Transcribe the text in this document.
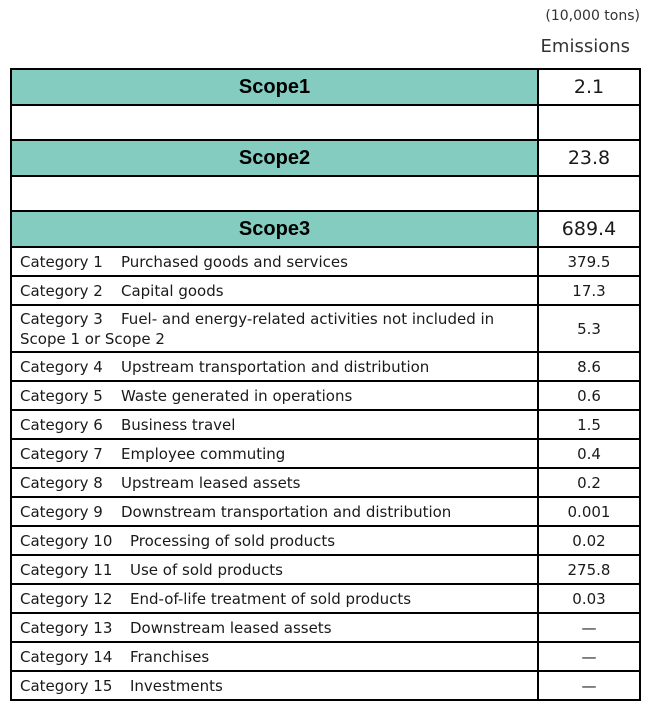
(10,000 tons)
Emissions
Scope1	2.1

Scope2	23.8

Scope3	689.4
Category 1 Purchased goods and services	379.5
Category 2 Capital goods	17.3
Category 3 Fuel- and energy-related activities not included in Scope 1 or Scope 2	5.3
Category 4 Upstream transportation and distribution	8.6
Category 5 Waste generated in operations	0.6
Category 6 Business travel	1.5
Category 7 Employee commuting	0.4
Category 8 Upstream leased assets	0.2
Category 9 Downstream transportation and distribution	0.001
Category 10 Processing of sold products	0.02
Category 11 Use of sold products	275.8
Category 12 End-of-life treatment of sold products	0.03
Category 13 Downstream leased assets	—
Category 14 Franchises	—
Category 15 Investments	—
